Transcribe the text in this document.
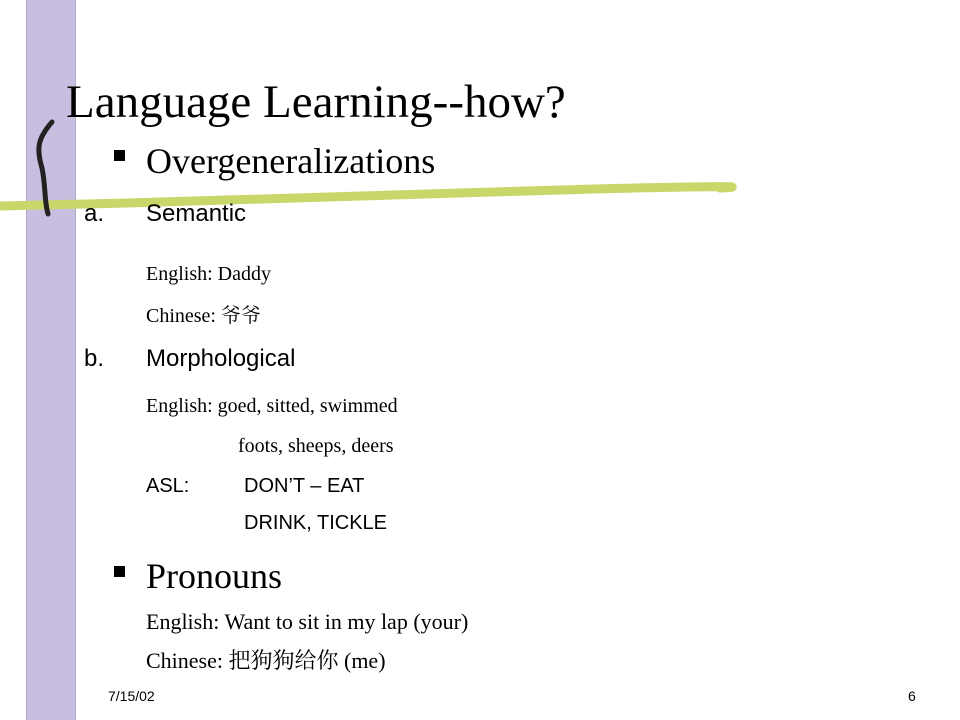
Language Learning--how?
Overgeneralizations
a. Semantic
English: Daddy
Chinese: 爷爷
b. Morphological
English: goed, sitted, swimmed
foots, sheeps, deers
ASL:	DON’T – EAT
DRINK, TICKLE
Pronouns
English: Want to sit in my lap (your)
Chinese: 把狗狗给你 (me)
7/15/02	6
